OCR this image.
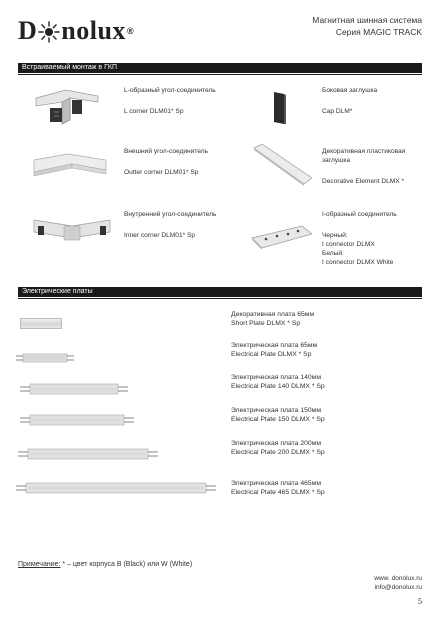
D nolux ®
Магнитная шинная система
Серия MAGIC TRACK
Встраиваемый монтаж в ГКП
L-образный угол-соединитель
L corner DLM01* Sp
Боковая заглушка
Cap DLM*
Внешний угол-соединитель
Outter corner DLM01* Sp
Декоративная пластиковая
заглушка
Decorative Element DLMX *
Внутренний угол-соединитель
Inner corner DLM01* Sp
I-образный соединитель
Черный:
I connector DLMX
Белый:
I connector DLMX White
Электрические платы
Декоративная плата 65мм
Short Plate DLMX * Sp
Электрическая плата 65мм
Electrical Plate DLMX * Sp
Электрическая плата 140мм
Electrical Plate 140 DLMX * Sp
Электрическая плата 150мм
Electrical Plate 150 DLMX * Sp
Электрическая плата 200мм
Electrical Plate 200 DLMX * Sp
Электрическая плата 465мм
Electrical Plate 465 DLMX * Sp
Примечание: * – цвет корпуса B (Black) или W (White)
www. donolux.ru
info@donolux.ru
5
